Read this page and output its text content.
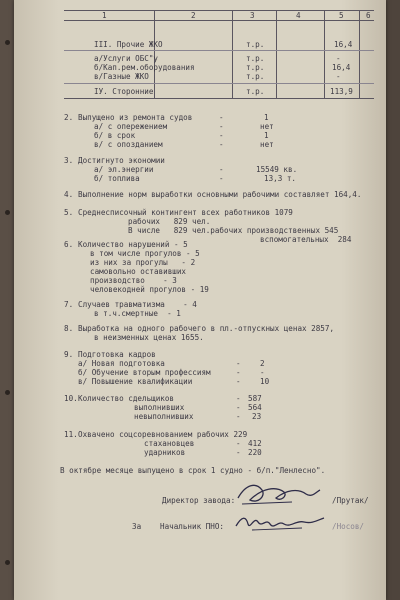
1	2	3	4	5	6
III. Прочие ЖКО	т.р.	16,4
а/Услуги ОБС"у	т.р.	-
б/Кап.рем.оборудования	т.р.	16,4
в/Газные ЖКО	т.р.	-
IУ. Сторонние	т.р.	113,9
2. Выпущено из ремонта судов	-	1
а/ с опережением	-	нет
б/ в срок	-	1
в/ с опозданием	-	нет
3. Достигнуто экономии
а/ эл.энергии	-	15549 кв.
б/ топлива	-	13,3 т.
4. Выполнение норм выработки основными рабочими составляет 164,4.
5. Среднесписочный контингент всех работников 1079
рабочих   829 чел.
В числе   829 чел.рабочих производственных 545
вспомогательных  284
6. Количество нарушений - 5
в том числе прогулов - 5
из них за прогулы   - 2
самовольно оставивших
производство    - 3
человекодней прогулов - 19
7. Случаев травматизма    - 4
в т.ч.смертные  - 1
8. Выработка на одного рабочего в пл.-отпускных ценах 2857,
в неизменных ценах 1655.
9. Подготовка кадров
а/ Новая подготовка	-	2
б/ Обучение вторым профессиям	-	-
в/ Повышение квалификации	-	10
10. Количество сдельщиков	- 587
выполнивших	- 564
невыполнивших	- 23
11. Охвачено соцсоревнованием рабочих 229
стахановцев	- 412
ударников	- 220
В октябре месяце выпущено в срок 1 судно - б/п."Ленлесно".
Директор завода:	/Прутак/
За Начальник ПНО:	/Носов/
